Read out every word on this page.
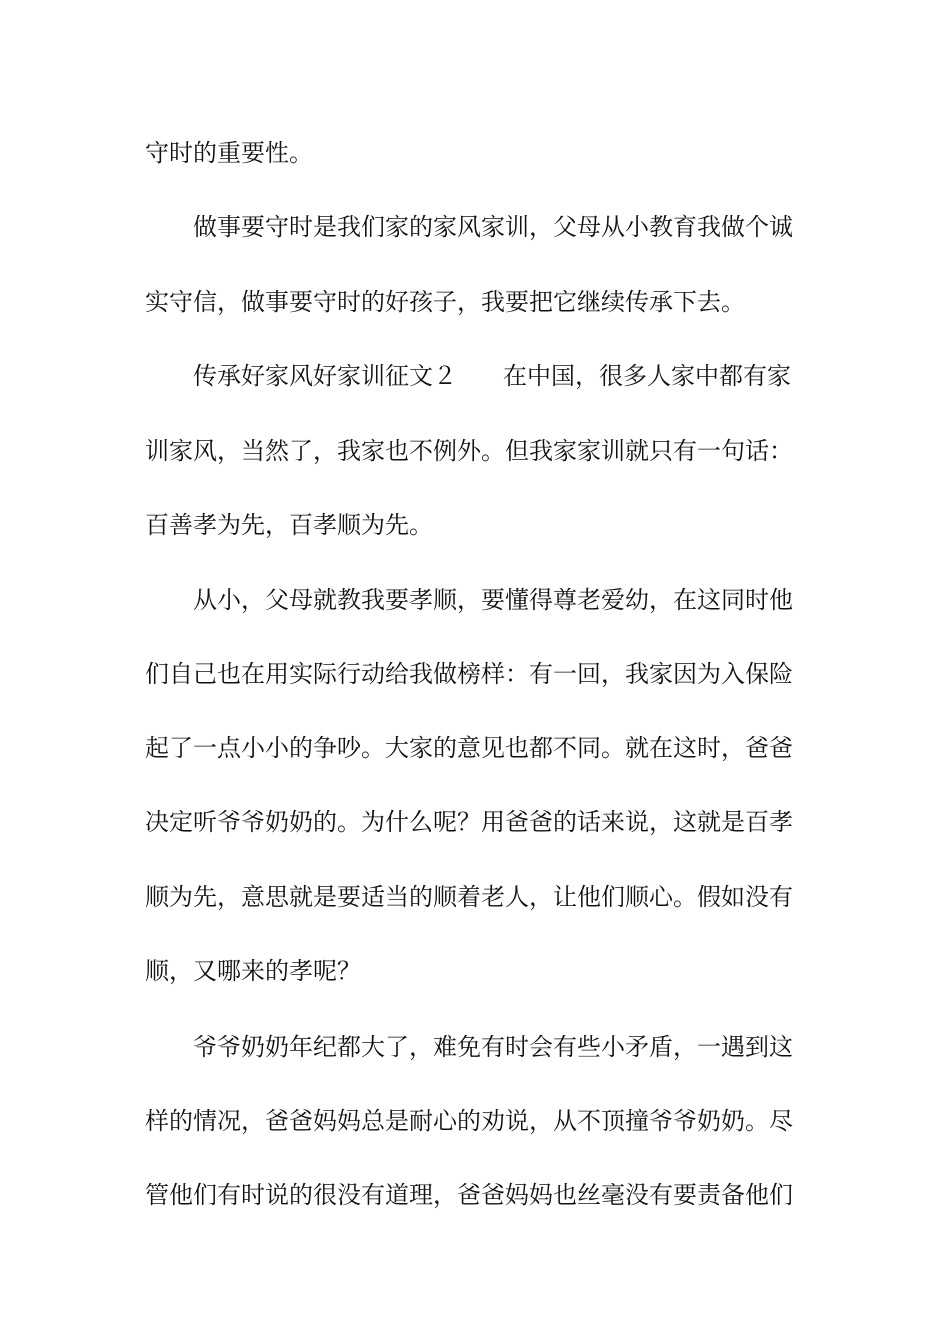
守时的重要性。
做事要守时是我们家的家风家训，父母从小教育我做个诚
实守信，做事要守时的好孩子，我要把它继续传承下去。
传承好家风好家训征文２ 在中国，很多人家中都有家
训家风，当然了，我家也不例外。但我家家训就只有一句话：
百善孝为先，百孝顺为先。
从小，父母就教我要孝顺，要懂得尊老爱幼，在这同时他
们自己也在用实际行动给我做榜样：有一回，我家因为入保险
起了一点小小的争吵。大家的意见也都不同。就在这时，爸爸
决定听爷爷奶奶的。为什么呢？用爸爸的话来说，这就是百孝
顺为先，意思就是要适当的顺着老人，让他们顺心。假如没有
顺，又哪来的孝呢？
爷爷奶奶年纪都大了，难免有时会有些小矛盾，一遇到这
样的情况，爸爸妈妈总是耐心的劝说，从不顶撞爷爷奶奶。尽
管他们有时说的很没有道理，爸爸妈妈也丝毫没有要责备他们
